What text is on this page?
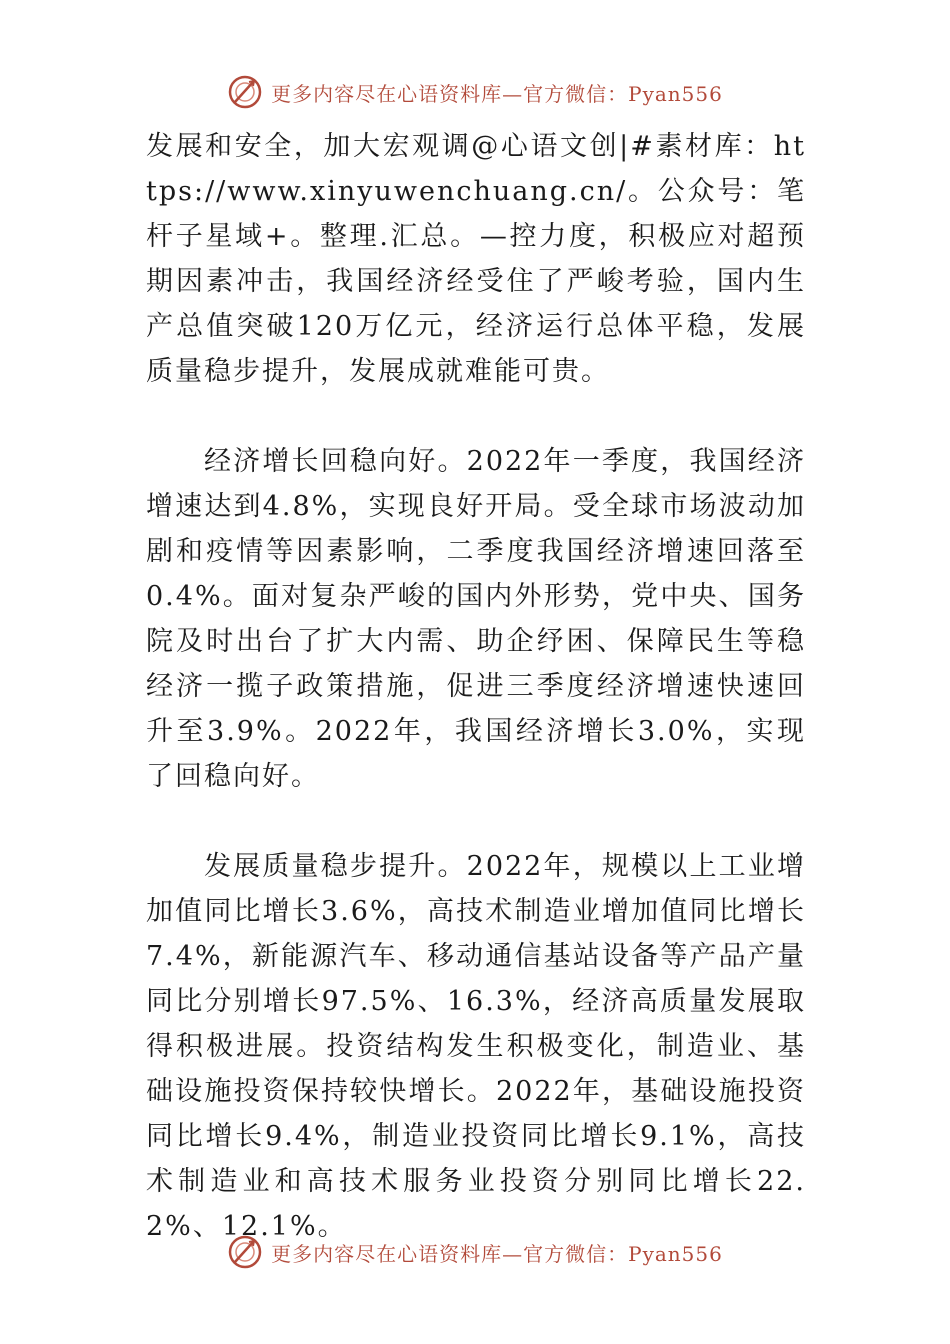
更多内容尽在心语资料库—官方微信：Pyan556

发展和安全，加大宏观调@心语文创|#素材库：https://www.xinyuwenchuang.cn/。公众号：笔杆子星域+。整理.汇总。—控力度，积极应对超预期因素冲击，我国经济经受住了严峻考验，国内生产总值突破120万亿元，经济运行总体平稳，发展质量稳步提升，发展成就难能可贵。

经济增长回稳向好。2022年一季度，我国经济增速达到4.8%，实现良好开局。受全球市场波动加剧和疫情等因素影响，二季度我国经济增速回落至0.4%。面对复杂严峻的国内外形势，党中央、国务院及时出台了扩大内需、助企纾困、保障民生等稳经济一揽子政策措施，促进三季度经济增速快速回升至3.9%。2022年，我国经济增长3.0%，实现了回稳向好。

发展质量稳步提升。2022年，规模以上工业增加值同比增长3.6%，高技术制造业增加值同比增长7.4%，新能源汽车、移动通信基站设备等产品产量同比分别增长97.5%、16.3%，经济高质量发展取得积极进展。投资结构发生积极变化，制造业、基础设施投资保持较快增长。2022年，基础设施投资同比增长9.4%，制造业投资同比增长9.1%，高技术制造业和高技术服务业投资分别同比增长22.2%、12.1%。

更多内容尽在心语资料库—官方微信：Pyan556
